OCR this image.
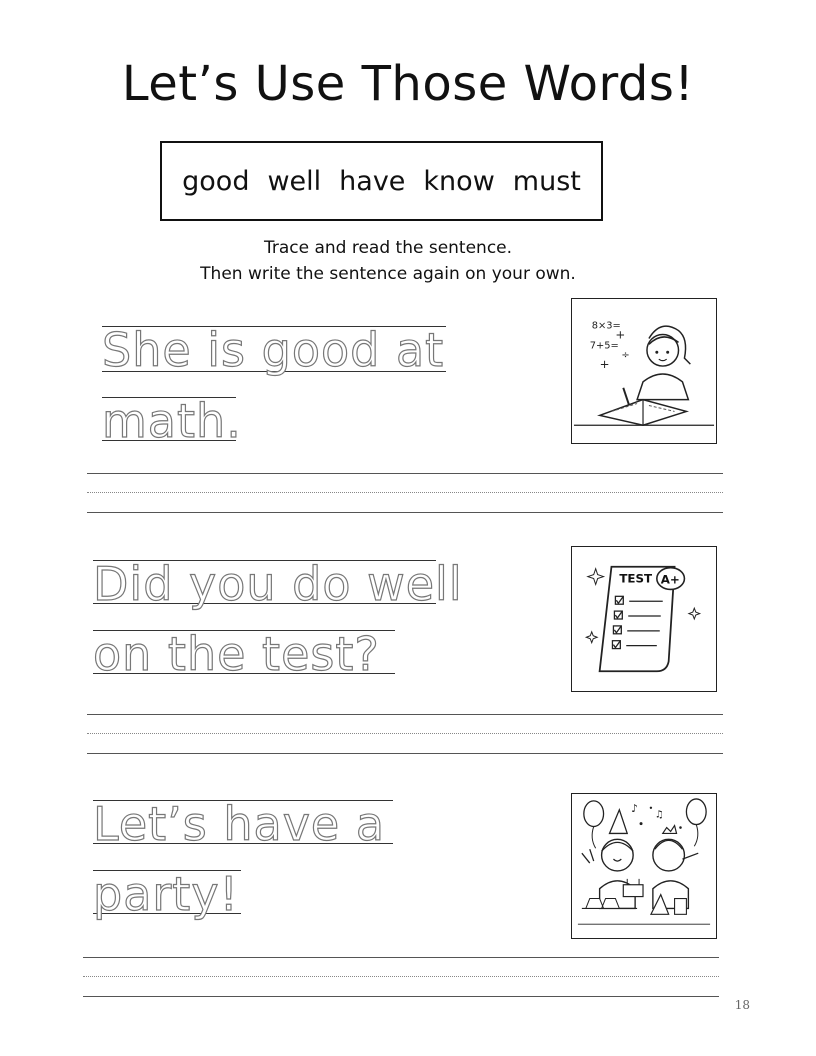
Let’s Use Those Words!
good well have know must
Trace and read the sentence.
Then write the sentence again on your own.
She is good at
math.
8×3=
7+5=
+
÷
+
Did you do well
on the test?
TEST A+
Let’s have a
party!
♪
♫
18
